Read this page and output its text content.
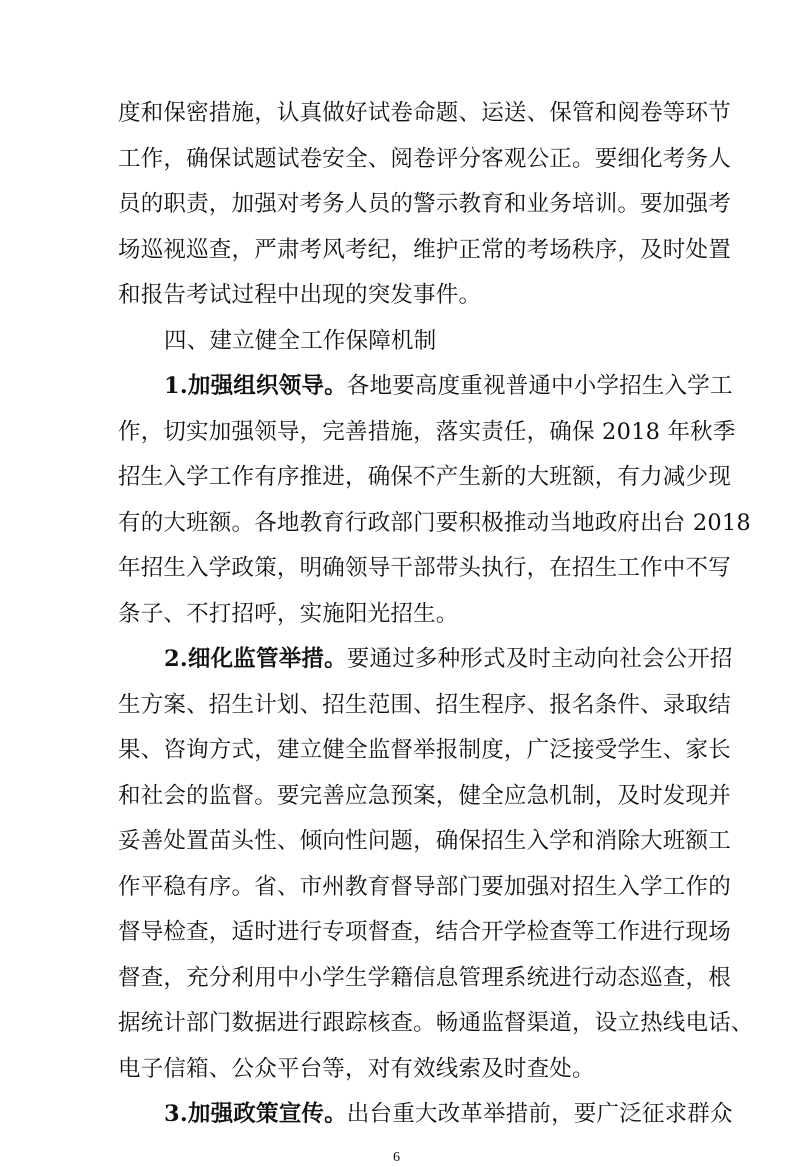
度和保密措施，认真做好试卷命题、运送、保管和阅卷等环节
工作，确保试题试卷安全、阅卷评分客观公正。要细化考务人
员的职责，加强对考务人员的警示教育和业务培训。要加强考
场巡视巡查，严肃考风考纪，维护正常的考场秩序，及时处置
和报告考试过程中出现的突发事件。
四、建立健全工作保障机制
1.加强组织领导。各地要高度重视普通中小学招生入学工
作，切实加强领导，完善措施，落实责任，确保 2018 年秋季
招生入学工作有序推进，确保不产生新的大班额，有力减少现
有的大班额。各地教育行政部门要积极推动当地政府出台 2018
年招生入学政策，明确领导干部带头执行，在招生工作中不写
条子、不打招呼，实施阳光招生。
2.细化监管举措。要通过多种形式及时主动向社会公开招
生方案、招生计划、招生范围、招生程序、报名条件、录取结
果、咨询方式，建立健全监督举报制度，广泛接受学生、家长
和社会的监督。要完善应急预案，健全应急机制，及时发现并
妥善处置苗头性、倾向性问题，确保招生入学和消除大班额工
作平稳有序。省、市州教育督导部门要加强对招生入学工作的
督导检查，适时进行专项督查，结合开学检查等工作进行现场
督查，充分利用中小学生学籍信息管理系统进行动态巡查，根
据统计部门数据进行跟踪核查。畅通监督渠道，设立热线电话、
电子信箱、公众平台等，对有效线索及时查处。
3.加强政策宣传。出台重大改革举措前，要广泛征求群众
6
